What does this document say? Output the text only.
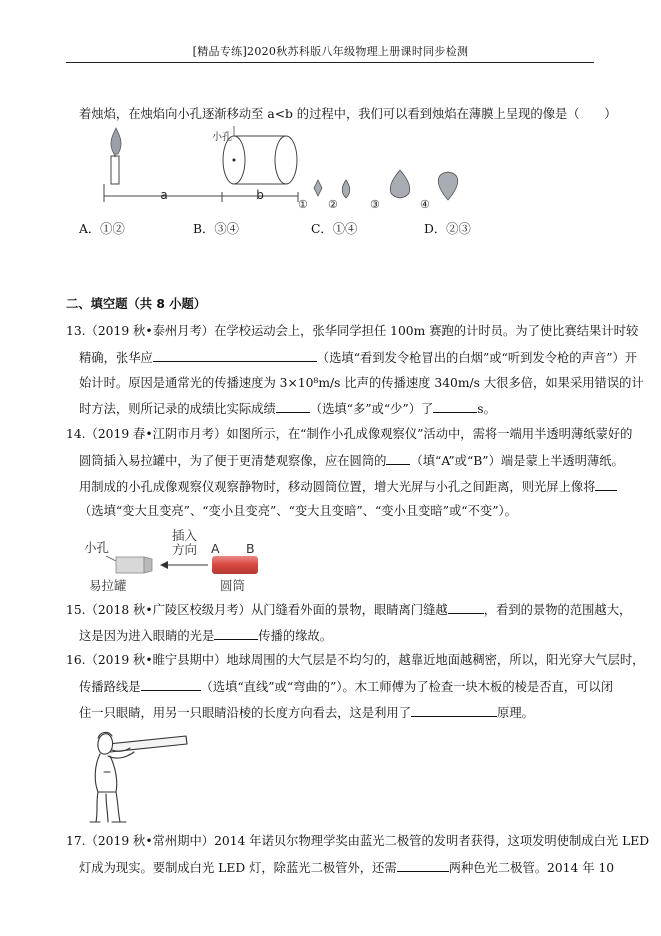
[精品专练]2020秋苏科版八年级物理上册课时同步检测
着烛焰，在烛焰向小孔逐渐移动至 a<b 的过程中，我们可以看到烛焰在薄膜上呈现的像是（　　）
a
小孔
b
① ②	③	④
A．①②	B．③④	C．①④	D．②③
二、填空题（共 8 小题）
13.（2019 秋•泰州月考）在学校运动会上，张华同学担任 100m 赛跑的计时员。为了使比赛结果计时较
精确，张华应	（选填“看到发令枪冒出的白烟”或“听到发令枪的声音”）开
始计时。原因是通常光的传播速度为 3×10⁸m/s 比声的传播速度 340m/s 大很多倍，如果采用错误的计
时方法，则所记录的成绩比实际成绩	（选填“多”或“少”）了	s。
14.（2019 春•江阴市月考）如图所示，在“制作小孔成像观察仪”活动中，需将一端用半透明薄纸蒙好的
圆筒插入易拉罐中，为了便于更清楚观察像，应在圆筒的 （填“A”或“B”）端是蒙上半透明薄纸。
用制成的小孔成像观察仪观察静物时，移动圆筒位置，增大光屏与小孔之间距离，则光屏上像将
（选填“变大且变亮”、“变小且变亮”、“变大且变暗”、“变小且变暗”或“不变”）。
小孔
易拉罐
插入
方向 A B
圆筒
15.（2018 秋•广陵区校级月考）从门缝看外面的景物，眼睛离门缝越	，看到的景物的范围越大，
这是因为进入眼睛的光是	传播的缘故。
16.（2019 秋•睢宁县期中）地球周围的大气层是不均匀的，越靠近地面越稠密，所以，阳光穿大气层时，
传播路线是	（选填“直线”或“弯曲的”）。木工师傅为了检查一块木板的棱是否直，可以闭
住一只眼睛，用另一只眼睛沿棱的长度方向看去，这是利用了	原理。
17.（2019 秋•常州期中）2014 年诺贝尔物理学奖由蓝光二极管的发明者获得，这项发明使制成白光 LED
灯成为现实。要制成白光 LED 灯，除蓝光二极管外，还需	两种色光二极管。2014 年 10
